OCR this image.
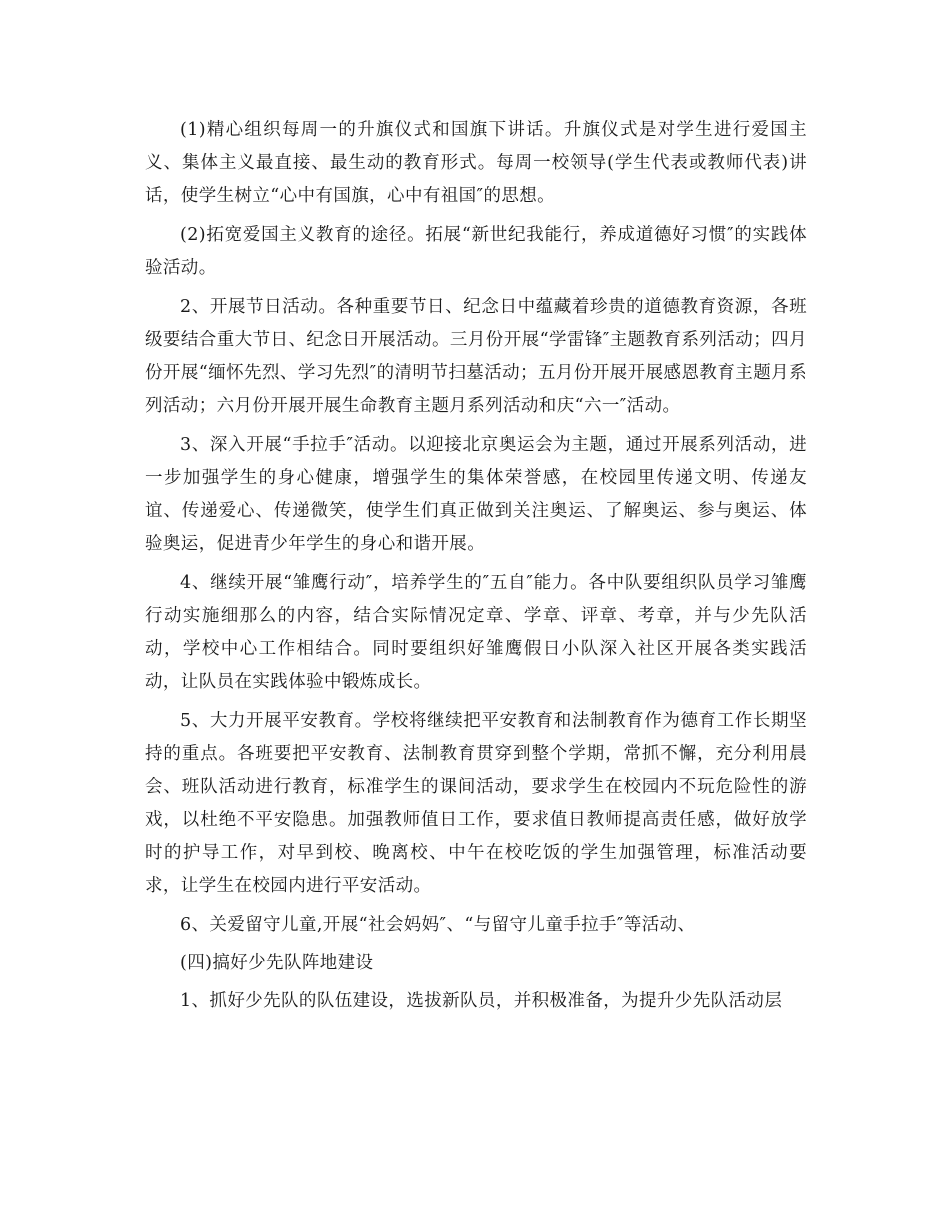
(1)精心组织每周一的升旗仪式和国旗下讲话。升旗仪式是对学生进行爱国主义、集体主义最直接、最生动的教育形式。每周一校领导(学生代表或教师代表)讲话，使学生树立“心中有国旗，心中有祖国″的思想。

(2)拓宽爱国主义教育的途径。拓展“新世纪我能行，养成道德好习惯″的实践体验活动。

2、开展节日活动。各种重要节日、纪念日中蕴藏着珍贵的道德教育资源，各班级要结合重大节日、纪念日开展活动。三月份开展“学雷锋″主题教育系列活动；四月份开展“缅怀先烈、学习先烈″的清明节扫墓活动；五月份开展开展感恩教育主题月系列活动；六月份开展开展生命教育主题月系列活动和庆“六一″活动。

3、深入开展“手拉手″活动。以迎接北京奥运会为主题，通过开展系列活动，进一步加强学生的身心健康，增强学生的集体荣誉感，在校园里传递文明、传递友谊、传递爱心、传递微笑，使学生们真正做到关注奥运、了解奥运、参与奥运、体验奥运，促进青少年学生的身心和谐开展。

4、继续开展“雏鹰行动″，培养学生的″五自″能力。各中队要组织队员学习雏鹰行动实施细那么的内容，结合实际情况定章、学章、评章、考章，并与少先队活动，学校中心工作相结合。同时要组织好雏鹰假日小队深入社区开展各类实践活动，让队员在实践体验中锻炼成长。

5、大力开展平安教育。学校将继续把平安教育和法制教育作为德育工作长期坚持的重点。各班要把平安教育、法制教育贯穿到整个学期，常抓不懈，充分利用晨会、班队活动进行教育，标准学生的课间活动，要求学生在校园内不玩危险性的游戏，以杜绝不平安隐患。加强教师值日工作，要求值日教师提高责任感，做好放学时的护导工作，对早到校、晚离校、中午在校吃饭的学生加强管理，标准活动要求，让学生在校园内进行平安活动。

6、关爱留守儿童,开展“社会妈妈″、“与留守儿童手拉手″等活动、

(四)搞好少先队阵地建设

1、抓好少先队的队伍建设，选拔新队员，并积极准备，为提升少先队活动层
